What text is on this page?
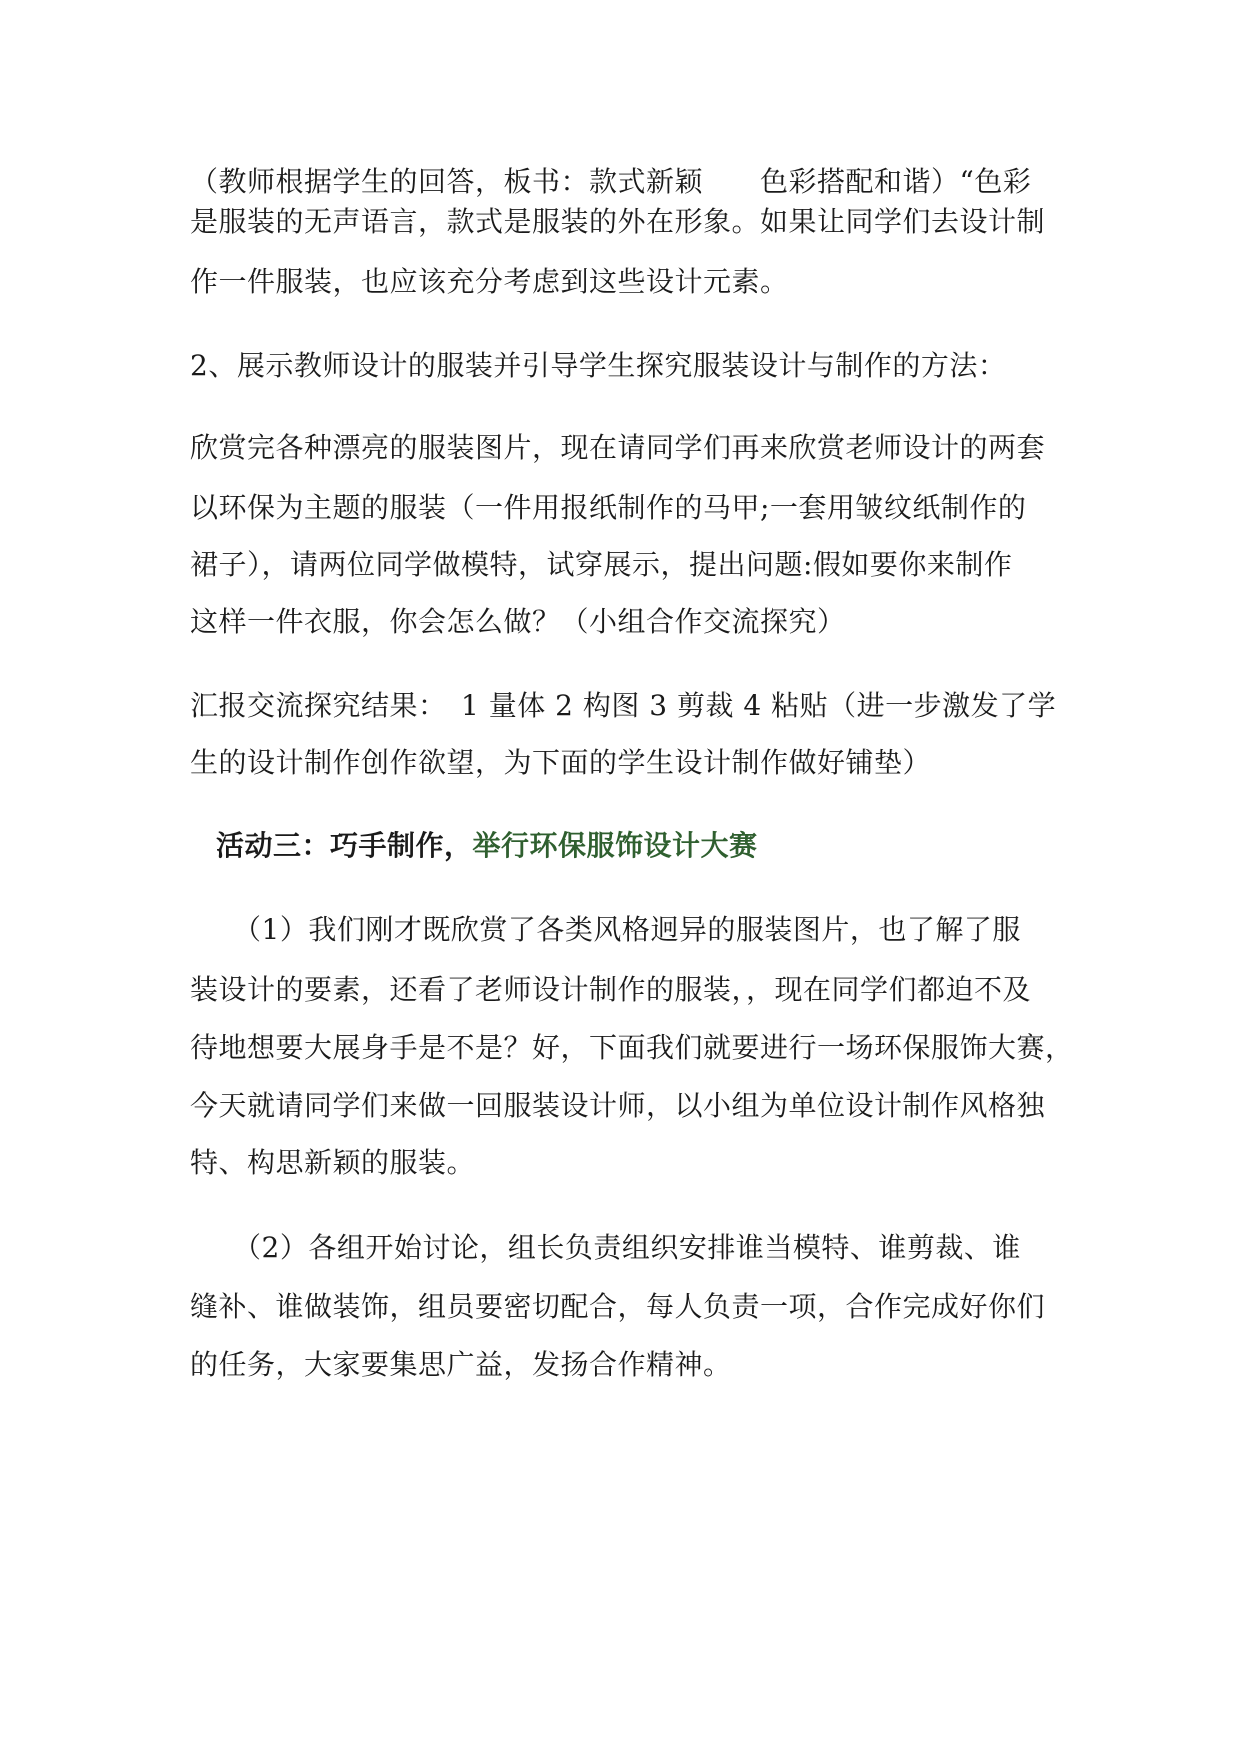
（教师根据学生的回答，板书：款式新颖　　色彩搭配和谐）“色彩
是服装的无声语言，款式是服装的外在形象。如果让同学们去设计制
作一件服装，也应该充分考虑到这些设计元素。
2、展示教师设计的服装并引导学生探究服装设计与制作的方法：
欣赏完各种漂亮的服装图片，现在请同学们再来欣赏老师设计的两套
以环保为主题的服装（一件用报纸制作的马甲;一套用皱纹纸制作的
裙子），请两位同学做模特，试穿展示，提出问题:假如要你来制作
这样一件衣服，你会怎么做？（小组合作交流探究）
汇报交流探究结果：　1 量体 2 构图 3 剪裁 4 粘贴（进一步激发了学
生的设计制作创作欲望，为下面的学生设计制作做好铺垫）
活动三：巧手制作，举行环保服饰设计大赛
　　（1）我们刚才既欣赏了各类风格迥异的服装图片，也了解了服
装设计的要素，还看了老师设计制作的服装，，现在同学们都迫不及
待地想要大展身手是不是？好，下面我们就要进行一场环保服饰大赛，
今天就请同学们来做一回服装设计师，以小组为单位设计制作风格独
特、构思新颖的服装。
　　（2）各组开始讨论，组长负责组织安排谁当模特、谁剪裁、谁
缝补、谁做装饰，组员要密切配合，每人负责一项，合作完成好你们
的任务，大家要集思广益，发扬合作精神。
